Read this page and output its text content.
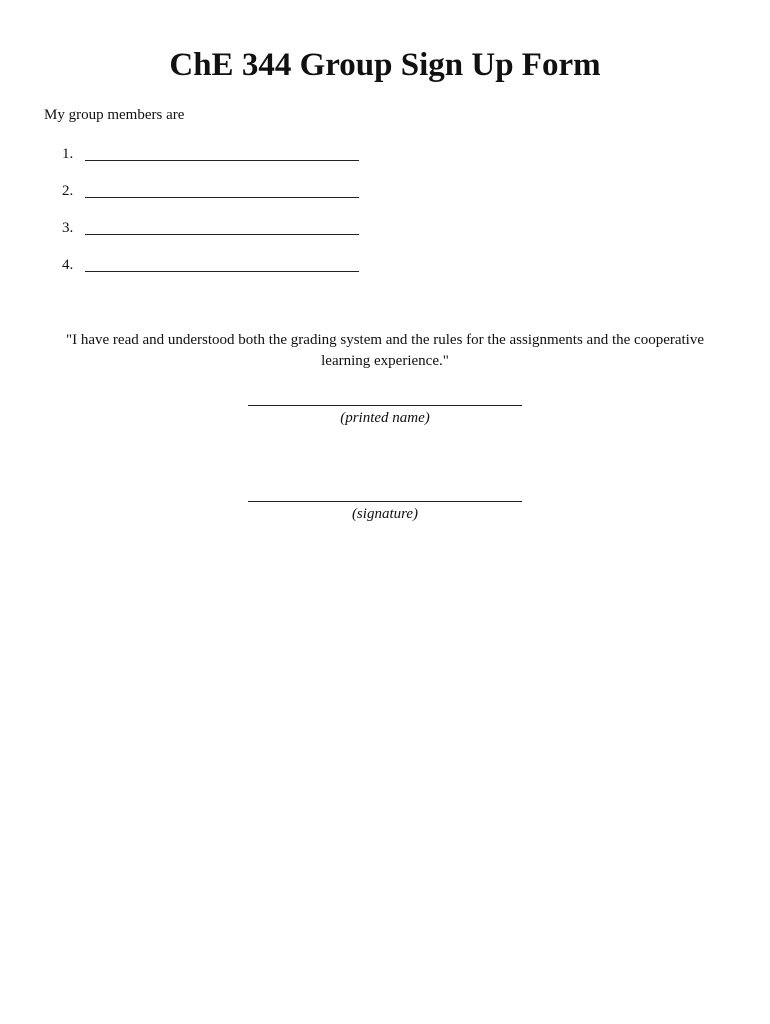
ChE 344 Group Sign Up Form
My group members are
1.
2.
3.
4.
"I have read and understood both the grading system and the rules for the assignments and the cooperative learning experience."
(printed name)
(signature)
